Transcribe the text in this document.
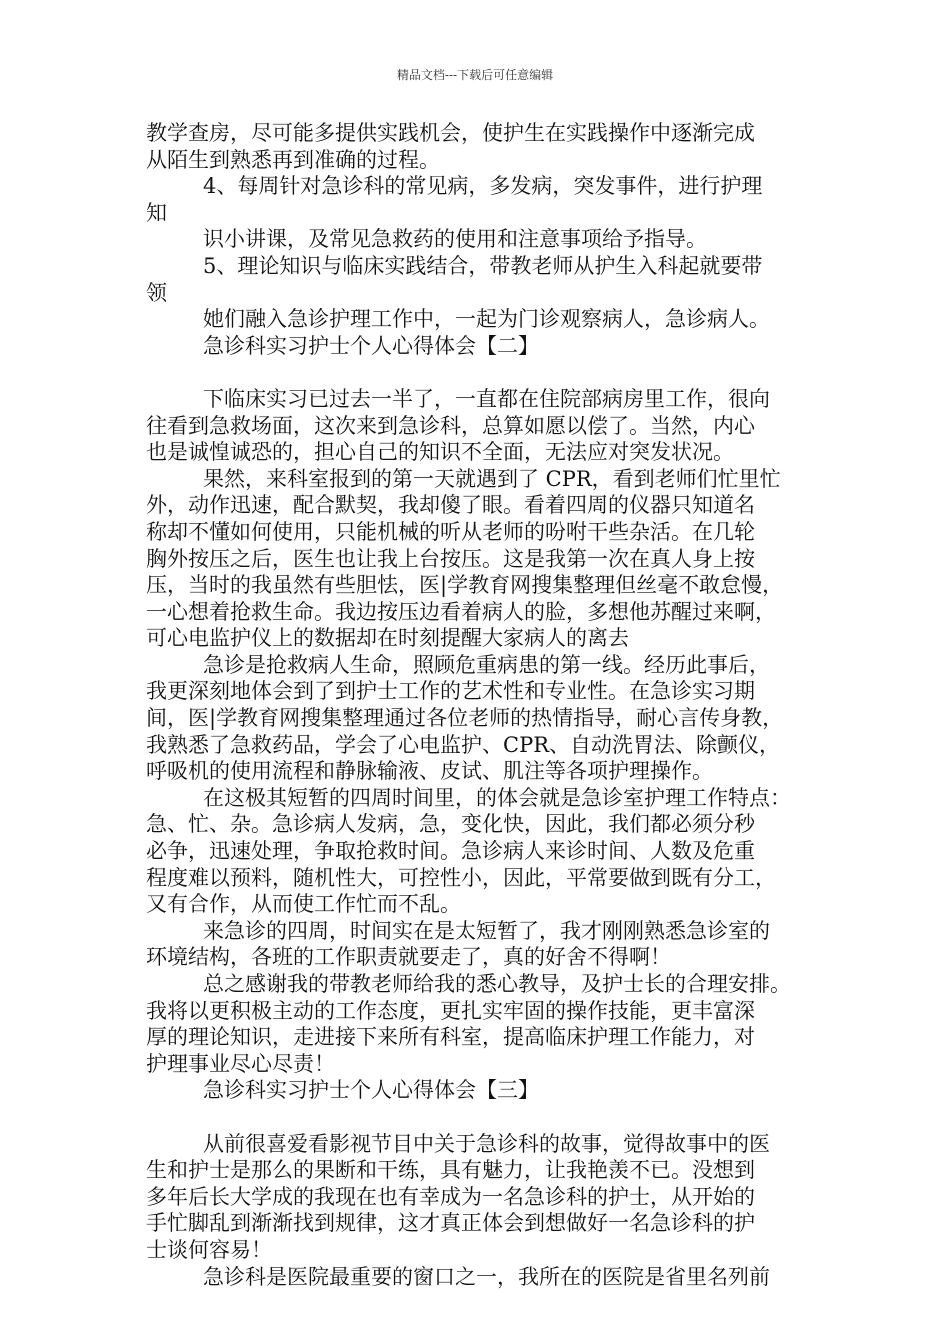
精品文档---下载后可任意编辑
教学查房，尽可能多提供实践机会，使护生在实践操作中逐渐完成
从陌生到熟悉再到准确的过程。
4、每周针对急诊科的常见病，多发病，突发事件，进行护理
知
识小讲课，及常见急救药的使用和注意事项给予指导。
5、理论知识与临床实践结合，带教老师从护生入科起就要带
领
她们融入急诊护理工作中，一起为门诊观察病人，急诊病人。
急诊科实习护士个人心得体会【二】
下临床实习已过去一半了，一直都在住院部病房里工作，很向
往看到急救场面，这次来到急诊科，总算如愿以偿了。当然，内心
也是诚惶诚恐的，担心自己的知识不全面，无法应对突发状况。
果然，来科室报到的第一天就遇到了 CPR，看到老师们忙里忙
外，动作迅速，配合默契，我却傻了眼。看着四周的仪器只知道名
称却不懂如何使用，只能机械的听从老师的吩咐干些杂活。在几轮
胸外按压之后，医生也让我上台按压。这是我第一次在真人身上按
压，当时的我虽然有些胆怯，医|学教育网搜集整理但丝毫不敢怠慢，
一心想着抢救生命。我边按压边看着病人的脸，多想他苏醒过来啊，
可心电监护仪上的数据却在时刻提醒大家病人的离去
急诊是抢救病人生命，照顾危重病患的第一线。经历此事后，
我更深刻地体会到了到护士工作的艺术性和专业性。在急诊实习期
间，医|学教育网搜集整理通过各位老师的热情指导，耐心言传身教，
我熟悉了急救药品，学会了心电监护、CPR、自动洗胃法、除颤仪，
呼吸机的使用流程和静脉输液、皮试、肌注等各项护理操作。
在这极其短暂的四周时间里，的体会就是急诊室护理工作特点：
急、忙、杂。急诊病人发病，急，变化快，因此，我们都必须分秒
必争，迅速处理，争取抢救时间。急诊病人来诊时间、人数及危重
程度难以预料，随机性大，可控性小，因此，平常要做到既有分工，
又有合作，从而使工作忙而不乱。
来急诊的四周，时间实在是太短暂了，我才刚刚熟悉急诊室的
环境结构，各班的工作职责就要走了，真的好舍不得啊！
总之感谢我的带教老师给我的悉心教导，及护士长的合理安排。
我将以更积极主动的工作态度，更扎实牢固的操作技能，更丰富深
厚的理论知识，走进接下来所有科室，提高临床护理工作能力，对
护理事业尽心尽责！
急诊科实习护士个人心得体会【三】
从前很喜爱看影视节目中关于急诊科的故事，觉得故事中的医
生和护士是那么的果断和干练，具有魅力，让我艳羡不已。没想到
多年后长大学成的我现在也有幸成为一名急诊科的护士，从开始的
手忙脚乱到渐渐找到规律，这才真正体会到想做好一名急诊科的护
士谈何容易！
急诊科是医院最重要的窗口之一，我所在的医院是省里名列前
